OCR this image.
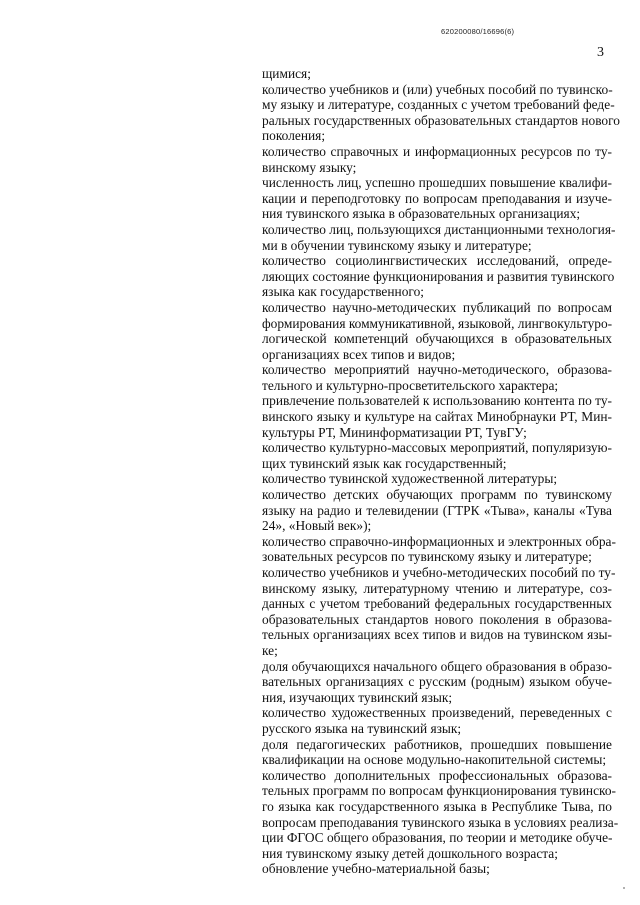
620200080/16696(6)
3
щимися;
количество учебников и (или) учебных пособий по тувинско-
му языку и литературе, созданных с учетом требований феде-
ральных государственных образовательных стандартов нового
поколения;
количество справочных и информационных ресурсов по ту-
винскому языку;
численность лиц, успешно прошедших повышение квалифи-
кации и переподготовку по вопросам преподавания и изуче-
ния тувинского языка в образовательных организациях;
количество лиц, пользующихся дистанционными технология-
ми в обучении тувинскому языку и литературе;
количество социолингвистических исследований, опреде-
ляющих состояние функционирования и развития тувинского
языка как государственного;
количество научно-методических публикаций по вопросам
формирования коммуникативной, языковой, лингвокультуро-
логической компетенций обучающихся в образовательных
организациях всех типов и видов;
количество мероприятий научно-методического, образова-
тельного и культурно-просветительского характера;
привлечение пользователей к использованию контента по ту-
винского языку и культуре на сайтах Минобрнауки РТ, Мин-
культуры РТ, Мининформатизации РТ, ТувГУ;
количество культурно-массовых мероприятий, популяризую-
щих тувинский язык как государственный;
количество тувинской художественной литературы;
количество детских обучающих программ по тувинскому
языку на радио и телевидении (ГТРК «Тыва», каналы «Тува
24», «Новый век»);
количество справочно-информационных и электронных обра-
зовательных ресурсов по тувинскому языку и литературе;
количество учебников и учебно-методических пособий по ту-
винскому языку, литературному чтению и литературе, соз-
данных с учетом требований федеральных государственных
образовательных стандартов нового поколения в образова-
тельных организациях всех типов и видов на тувинском язы-
ке;
доля обучающихся начального общего образования в образо-
вательных организациях с русским (родным) языком обуче-
ния, изучающих тувинский язык;
количество художественных произведений, переведенных с
русского языка на тувинский язык;
доля педагогических работников, прошедших повышение
квалификации на основе модульно-накопительной системы;
количество дополнительных профессиональных образова-
тельных программ по вопросам функционирования тувинско-
го языка как государственного языка в Республике Тыва, по
вопросам преподавания тувинского языка в условиях реализа-
ции ФГОС общего образования, по теории и методике обуче-
ния тувинскому языку детей дошкольного возраста;
обновление учебно-материальной базы;
